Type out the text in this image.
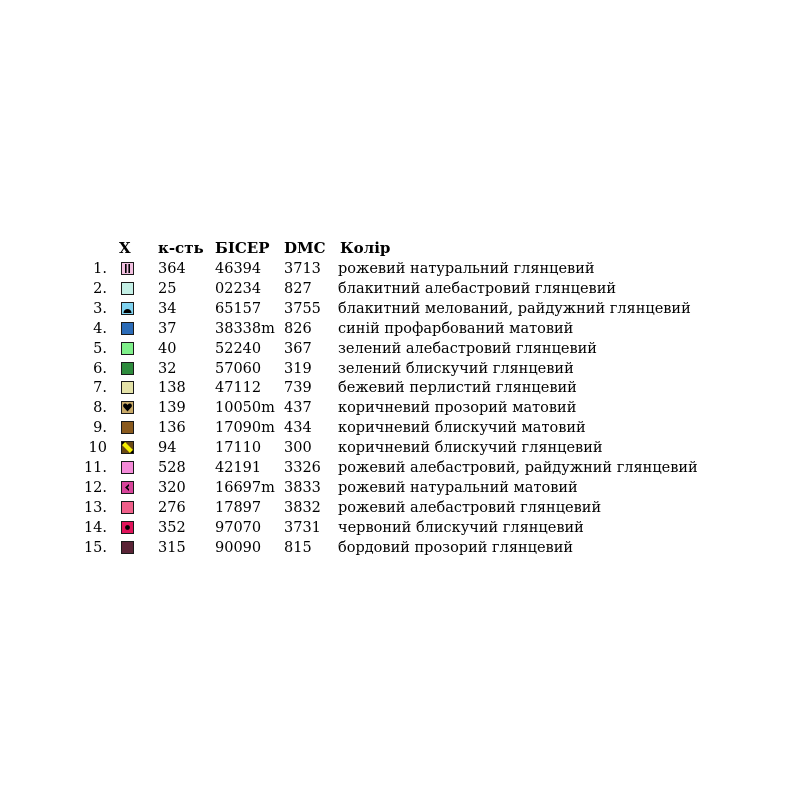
X к-сть БІСЕР DMC Колір
1.	364 46394 3713 рожевий натуральний глянцевий
2.	25	02234 827 блакитний алебастровий глянцевий
3.	34	65157 3755 блакитний мелований, райдужний глянцевий
4.	37	38338m 826 синій профарбований матовий
5.	40	52240 367 зелений алебастровий глянцевий
6.	32	57060 319 зелений блискучий глянцевий
7.	138 47112 739 бежевий перлистий глянцевий
8.	139 10050m 437 коричневий прозорий матовий
9.	136 17090m 434 коричневий блискучий матовий
10	94	17110 300 коричневий блискучий глянцевий
11.	528 42191 3326 рожевий алебастровий, райдужний глянцевий
12.	320 16697m 3833 рожевий натуральний матовий
13.	276 17897 3832 рожевий алебастровий глянцевий
14.	352 97070 3731 червоний блискучий глянцевий
15.	315 90090 815 бордовий прозорий глянцевий
